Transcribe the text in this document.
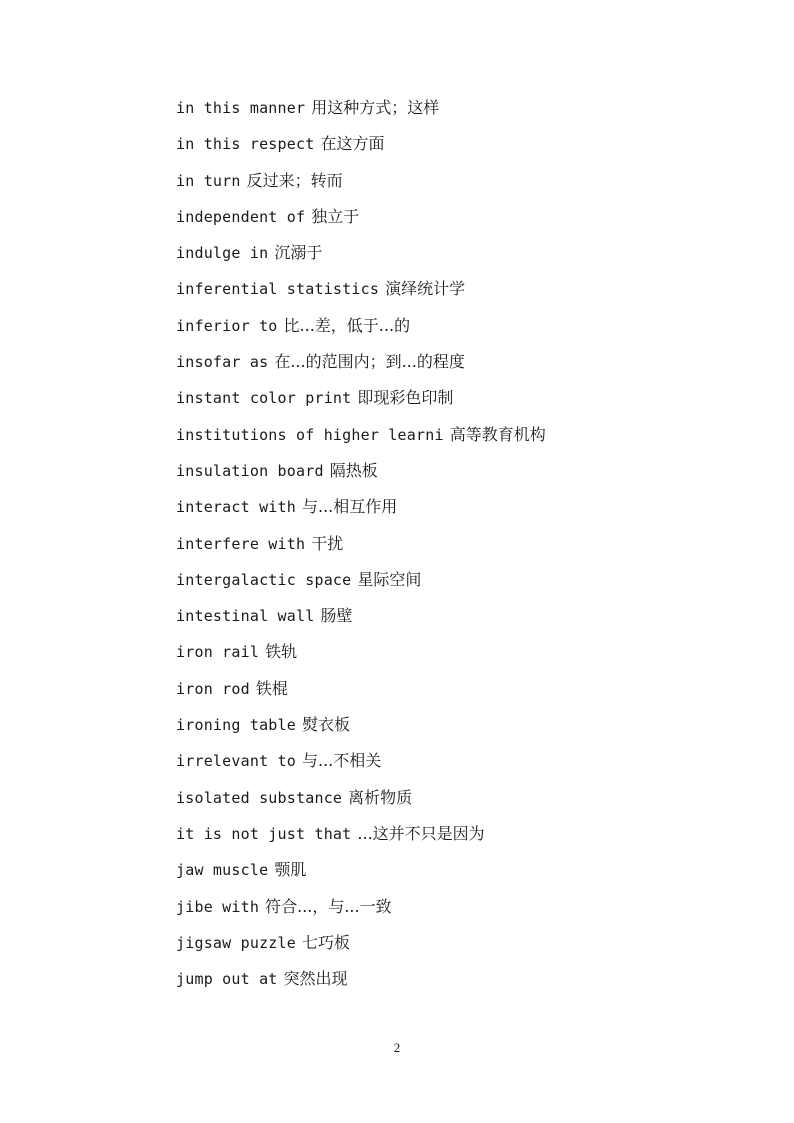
in this manner 用这种方式；这样
in this respect 在这方面
in turn 反过来；转而
independent of 独立于
indulge in 沉溺于
inferential statistics 演绎统计学
inferior to 比...差，低于...的
insofar as 在...的范围内；到...的程度
instant color print 即现彩色印制
institutions of higher learni 高等教育机构
insulation board 隔热板
interact with 与...相互作用
interfere with 干扰
intergalactic space 星际空间
intestinal wall 肠壁
iron rail 铁轨
iron rod 铁棍
ironing table 熨衣板
irrelevant to 与...不相关
isolated substance 离析物质
it is not just that ...这并不只是因为
jaw muscle 颚肌
jibe with 符合...，与...一致
jigsaw puzzle 七巧板
jump out at 突然出现
2
